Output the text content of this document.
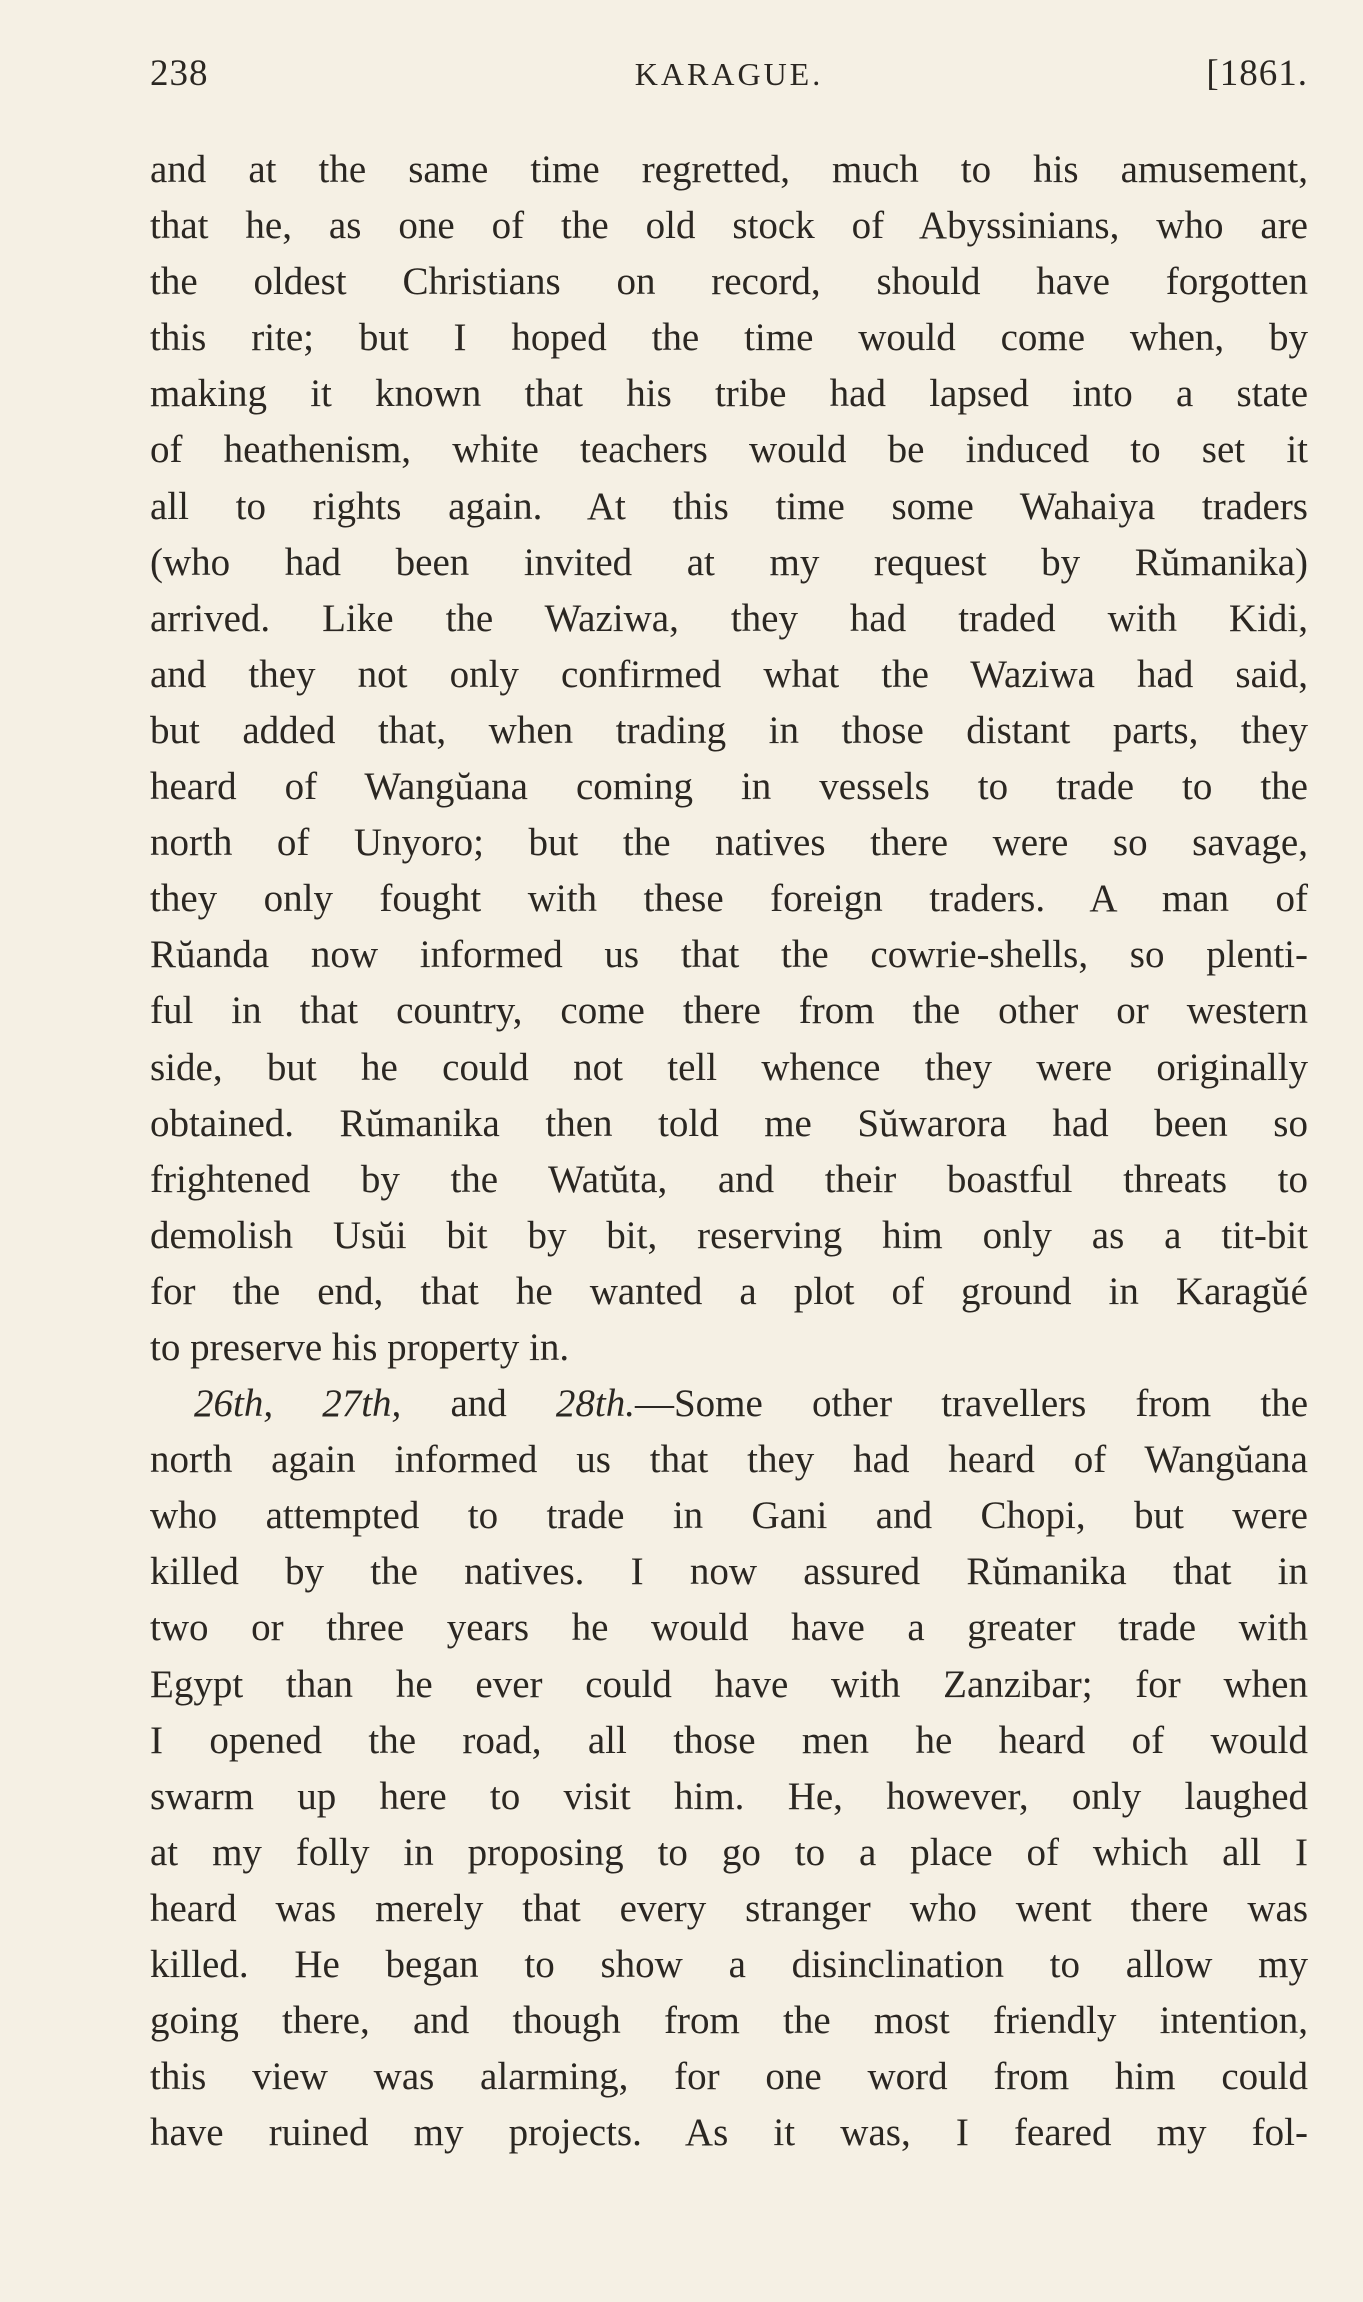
238	KARAGUE.	[1861.
and at the same time regretted, much to his amusement,
that he, as one of the old stock of Abyssinians, who are
the oldest Christians on record, should have forgotten
this rite; but I hoped the time would come when, by
making it known that his tribe had lapsed into a state
of heathenism, white teachers would be induced to set it
all to rights again. At this time some Wahaiya traders
(who had been invited at my request by Rŭmanika)
arrived. Like the Waziwa, they had traded with Kidi,
and they not only confirmed what the Waziwa had said,
but added that, when trading in those distant parts, they
heard of Wangŭana coming in vessels to trade to the
north of Unyoro; but the natives there were so savage,
they only fought with these foreign traders. A man of
Rŭanda now informed us that the cowrie-shells, so plenti-
ful in that country, come there from the other or western
side, but he could not tell whence they were originally
obtained. Rŭmanika then told me Sŭwarora had been so
frightened by the Watŭta, and their boastful threats to
demolish Usŭi bit by bit, reserving him only as a tit-bit
for the end, that he wanted a plot of ground in Karagŭé
to preserve his property in.
26th, 27th, and 28th.—Some other travellers from the
north again informed us that they had heard of Wangŭana
who attempted to trade in Gani and Chopi, but were
killed by the natives. I now assured Rŭmanika that in
two or three years he would have a greater trade with
Egypt than he ever could have with Zanzibar; for when
I opened the road, all those men he heard of would
swarm up here to visit him. He, however, only laughed
at my folly in proposing to go to a place of which all I
heard was merely that every stranger who went there was
killed. He began to show a disinclination to allow my
going there, and though from the most friendly intention,
this view was alarming, for one word from him could
have ruined my projects. As it was, I feared my fol-
